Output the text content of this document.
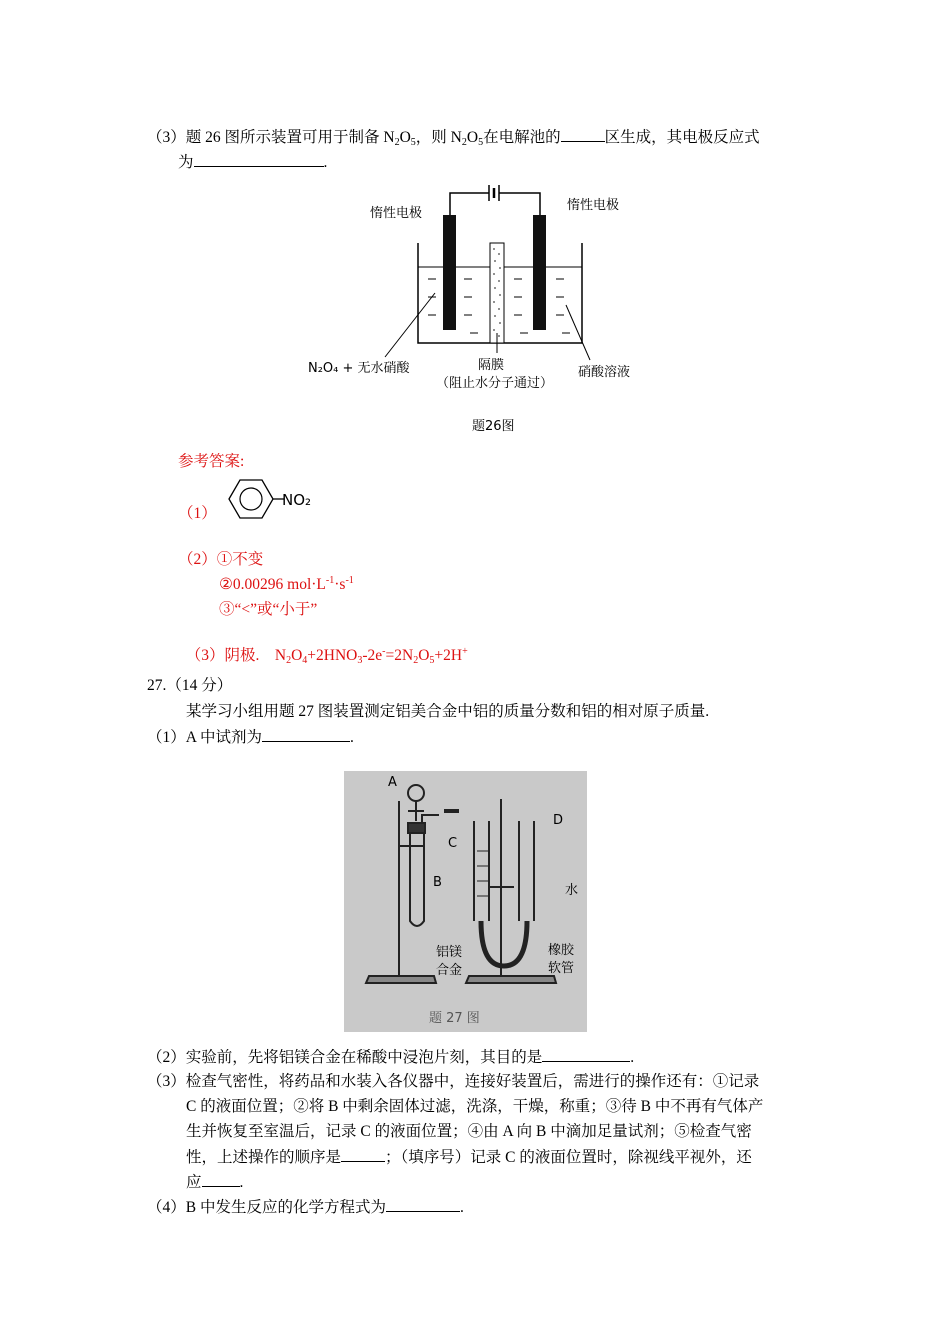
（3）题 26 图所示装置可用于制备 $N_2O_5$，则 $N_2O_5$在电解池的	区生成，其电极反应式
为	.
惰性电极
惰性电极
N₂O₄ + 无水硝酸	隔膜
（阻止水分子通过）
硝酸溶液
题26图
参考答案:
（1）
NO₂
（2）①不变
②0.00296 $mol\cdot L^{-1}\cdot s^{-1}$
③“<”或“小于”

（3）阴极.    $N_2O_4+2HNO_3-2e^-=2N_2O_5+2H^+$

27.（14 分）
某学习小组用题 27 图装置测定铝美合金中铝的质量分数和铝的相对原子质量.
（1）A 中试剂为	.
A
B
C
D
水
铝镁
合金
橡胶
软管
题 27 图
（2）实验前，先将铝镁合金在稀酸中浸泡片刻，其目的是	.
（3）检查气密性，将药品和水装入各仪器中，连接好装置后，需进行的操作还有：①记录
C 的液面位置；②将 B 中剩余固体过滤，洗涤，干燥，称重；③待 B 中不再有气体产
生并恢复至室温后，记录 C 的液面位置；④由 A 向 B 中滴加足量试剂；⑤检查气密
性，上述操作的顺序是	；（填序号）记录 C 的液面位置时，除视线平视外，还
应 .
（4）B 中发生反应的化学方程式为	.
